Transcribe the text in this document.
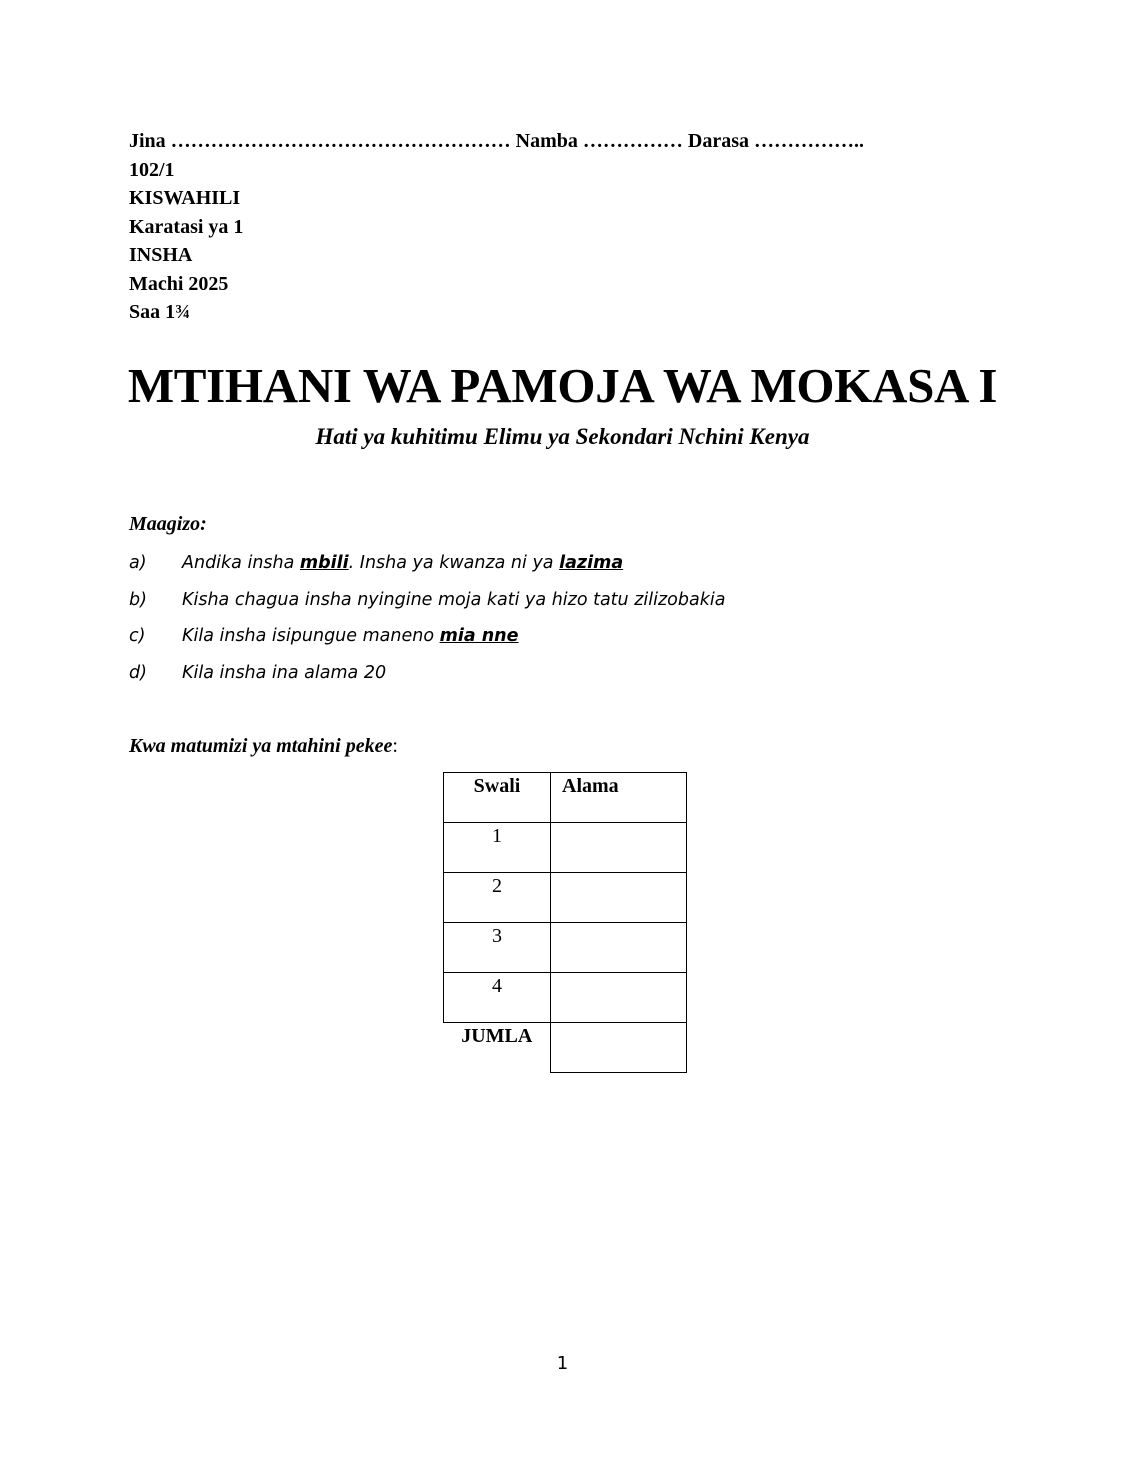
Jina …………………………………………… Namba …………… Darasa ……………..
102/1
KISWAHILI
Karatasi ya 1
INSHA
Machi 2025
Saa 1¾
MTIHANI WA PAMOJA WA MOKASA I
Hati ya kuhitimu Elimu ya Sekondari Nchini Kenya
Maagizo:
a)	Andika insha mbili. Insha ya kwanza ni ya lazima
b)	Kisha chagua insha nyingine moja kati ya hizo tatu zilizobakia
c)	Kila insha isipungue maneno mia nne
d)	Kila insha ina alama 20
Kwa matumizi ya mtahini pekee:
Swali	Alama
1	
2	
3	
4	
JUMLA	
1
